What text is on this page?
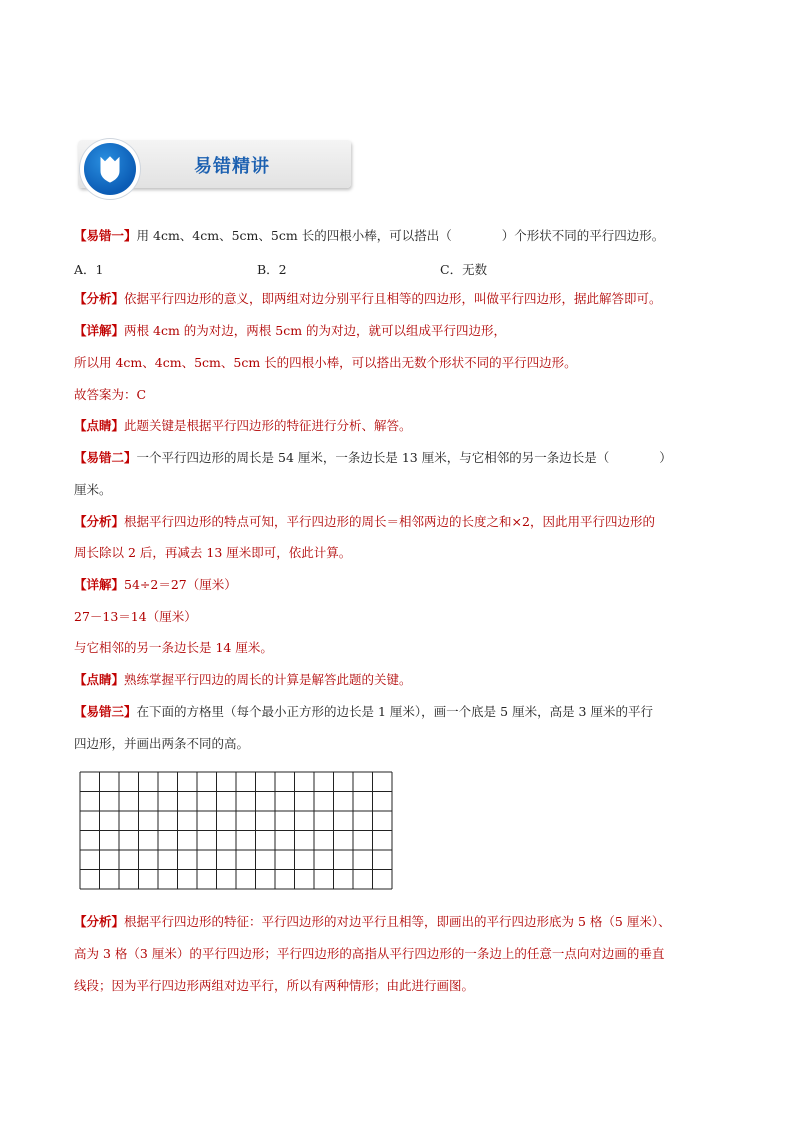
易错精讲
【易错一】用 4cm、4cm、5cm、5cm 长的四根小棒，可以搭出（　　　　）个形状不同的平行四边形。
A．1	B．2	C．无数
【分析】依据平行四边形的意义，即两组对边分别平行且相等的四边形，叫做平行四边形，据此解答即可。
【详解】两根 4cm 的为对边，两根 5cm 的为对边，就可以组成平行四边形，
所以用 4cm、4cm、5cm、5cm 长的四根小棒，可以搭出无数个形状不同的平行四边形。
故答案为：C
【点睛】此题关键是根据平行四边形的特征进行分析、解答。
【易错二】一个平行四边形的周长是 54 厘米，一条边长是 13 厘米，与它相邻的另一条边长是（　　　　）
厘米。
【分析】根据平行四边形的特点可知，平行四边形的周长＝相邻两边的长度之和×2，因此用平行四边形的
周长除以 2 后，再减去 13 厘米即可，依此计算。
【详解】54÷2＝27（厘米）
27－13＝14（厘米）
与它相邻的另一条边长是 14 厘米。
【点睛】熟练掌握平行四边的周长的计算是解答此题的关键。
【易错三】在下面的方格里（每个最小正方形的边长是 1 厘米），画一个底是 5 厘米，高是 3 厘米的平行
四边形，并画出两条不同的高。
【分析】根据平行四边形的特征：平行四边形的对边平行且相等，即画出的平行四边形底为 5 格（5 厘米）、
高为 3 格（3 厘米）的平行四边形；平行四边形的高指从平行四边形的一条边上的任意一点向对边画的垂直
线段；因为平行四边形两组对边平行，所以有两种情形；由此进行画图。
